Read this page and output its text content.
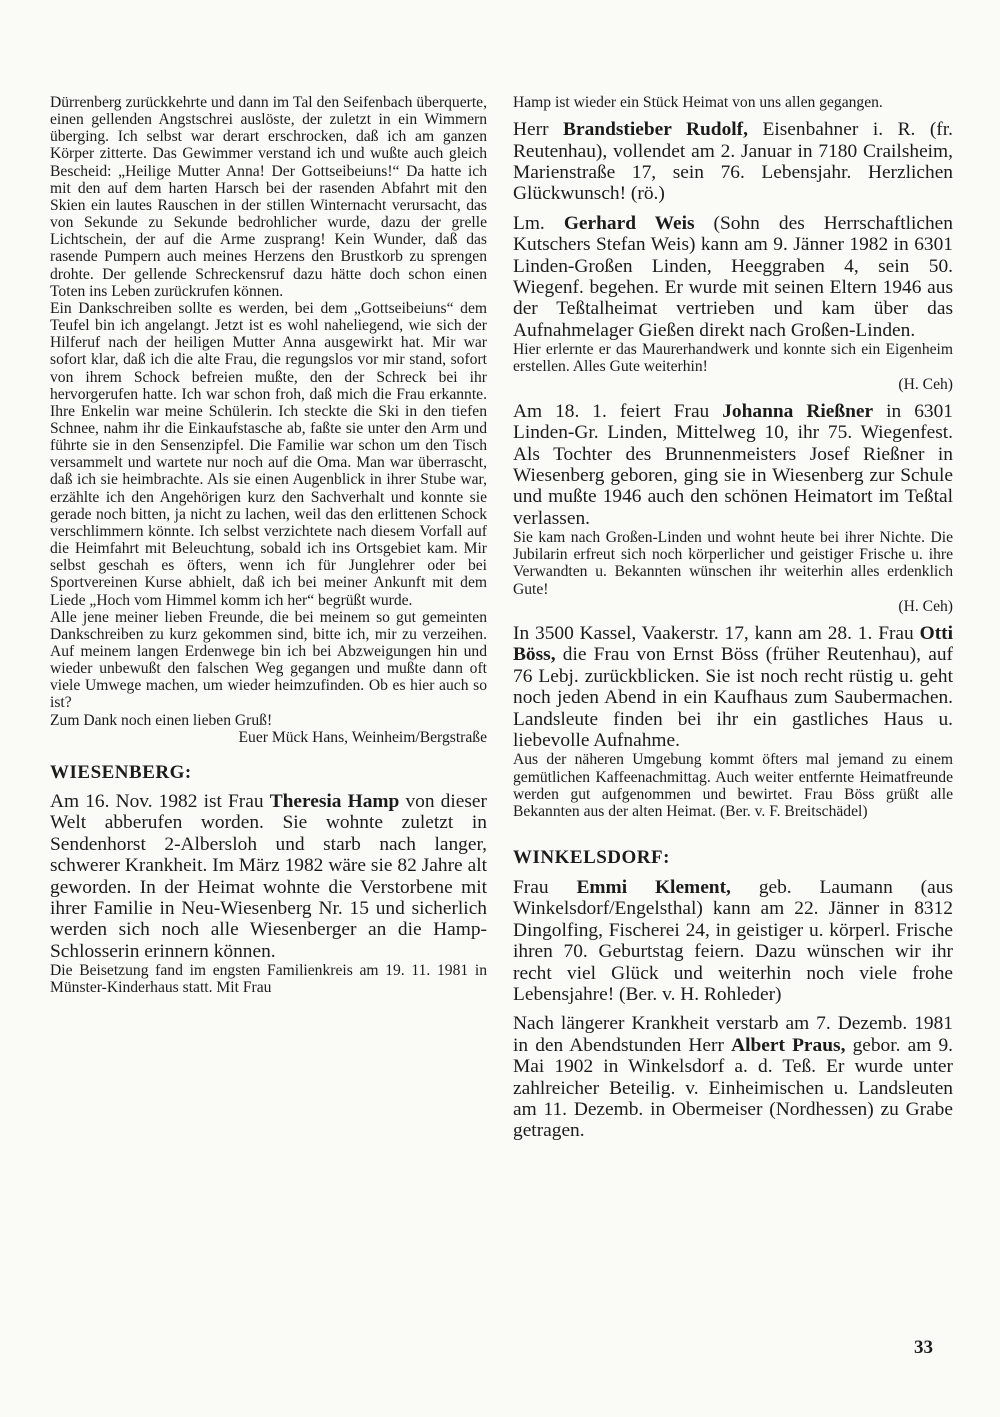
Dürrenberg zurückkehrte und dann im Tal den Seifenbach überquerte, einen gellenden Angstschrei auslöste, der zuletzt in ein Wimmern überging. Ich selbst war derart erschrocken, daß ich am ganzen Körper zitterte. Das Gewimmer verstand ich und wußte auch gleich Bescheid: „Heilige Mutter Anna! Der Gottseibeiuns!“ Da hatte ich mit den auf dem harten Harsch bei der rasenden Abfahrt mit den Skien ein lautes Rauschen in der stillen Winternacht verursacht, das von Sekunde zu Sekunde bedrohlicher wurde, dazu der grelle Lichtschein, der auf die Arme zusprang! Kein Wunder, daß das rasende Pumpern auch meines Herzens den Brustkorb zu sprengen drohte. Der gellende Schreckensruf dazu hätte doch schon einen Toten ins Leben zurückrufen können.

Ein Dankschreiben sollte es werden, bei dem „Gottseibeiuns“ dem Teufel bin ich angelangt. Jetzt ist es wohl naheliegend, wie sich der Hilferuf nach der heiligen Mutter Anna ausgewirkt hat. Mir war sofort klar, daß ich die alte Frau, die regungslos vor mir stand, sofort von ihrem Schock befreien mußte, den der Schreck bei ihr hervorgerufen hatte. Ich war schon froh, daß mich die Frau erkannte. Ihre Enkelin war meine Schülerin. Ich steckte die Ski in den tiefen Schnee, nahm ihr die Einkaufstasche ab, faßte sie unter den Arm und führte sie in den Sensenzipfel. Die Familie war schon um den Tisch versammelt und wartete nur noch auf die Oma. Man war überrascht, daß ich sie heimbrachte. Als sie einen Augenblick in ihrer Stube war, erzählte ich den Angehörigen kurz den Sachverhalt und konnte sie gerade noch bitten, ja nicht zu lachen, weil das den erlittenen Schock verschlimmern könnte. Ich selbst verzichtete nach diesem Vorfall auf die Heimfahrt mit Beleuchtung, sobald ich ins Ortsgebiet kam. Mir selbst geschah es öfters, wenn ich für Junglehrer oder bei Sportvereinen Kurse abhielt, daß ich bei meiner Ankunft mit dem Liede „Hoch vom Himmel komm ich her“ begrüßt wurde.

Alle jene meiner lieben Freunde, die bei meinem so gut gemeinten Dankschreiben zu kurz gekommen sind, bitte ich, mir zu verzeihen. Auf meinem langen Erdenwege bin ich bei Abzweigungen hin und wieder unbewußt den falschen Weg gegangen und mußte dann oft viele Umwege machen, um wieder heimzufinden. Ob es hier auch so ist?

Zum Dank noch einen lieben Gruß!

Euer Mück Hans, Weinheim/Bergstraße

WIESENBERG:

Am 16. Nov. 1982 ist Frau Theresia Hamp von dieser Welt abberufen worden. Sie wohnte zuletzt in Sendenhorst 2-Albersloh und starb nach langer, schwerer Krankheit. Im März 1982 wäre sie 82 Jahre alt geworden. In der Heimat wohnte die Verstorbene mit ihrer Familie in Neu-Wiesenberg Nr. 15 und sicherlich werden sich noch alle Wiesenberger an die Hamp-Schlosserin erinnern können.

Die Beisetzung fand im engsten Familienkreis am 19. 11. 1981 in Münster-Kinderhaus statt. Mit Frau

Hamp ist wieder ein Stück Heimat von uns allen gegangen.

Herr Brandstieber Rudolf, Eisenbahner i. R. (fr. Reutenhau), vollendet am 2. Januar in 7180 Crailsheim, Marienstraße 17, sein 76. Lebensjahr. Herzlichen Glückwunsch! (rö.)

Lm. Gerhard Weis (Sohn des Herrschaftlichen Kutschers Stefan Weis) kann am 9. Jänner 1982 in 6301 Linden-Großen Linden, Heeggraben 4, sein 50. Wiegenf. begehen. Er wurde mit seinen Eltern 1946 aus der Teßtalheimat vertrieben und kam über das Aufnahmelager Gießen direkt nach Großen-Linden.

Hier erlernte er das Maurerhandwerk und konnte sich ein Eigenheim erstellen. Alles Gute weiterhin!

(H. Ceh)

Am 18. 1. feiert Frau Johanna Rießner in 6301 Linden-Gr. Linden, Mittelweg 10, ihr 75. Wiegenfest. Als Tochter des Brunnenmeisters Josef Rießner in Wiesenberg geboren, ging sie in Wiesenberg zur Schule und mußte 1946 auch den schönen Heimatort im Teßtal verlassen.

Sie kam nach Großen-Linden und wohnt heute bei ihrer Nichte. Die Jubilarin erfreut sich noch körperlicher und geistiger Frische u. ihre Verwandten u. Bekannten wünschen ihr weiterhin alles erdenklich Gute!

(H. Ceh)

In 3500 Kassel, Vaakerstr. 17, kann am 28. 1. Frau Otti Böss, die Frau von Ernst Böss (früher Reutenhau), auf 76 Lebj. zurückblicken. Sie ist noch recht rüstig u. geht noch jeden Abend in ein Kaufhaus zum Saubermachen. Landsleute finden bei ihr ein gastliches Haus u. liebevolle Aufnahme.

Aus der näheren Umgebung kommt öfters mal jemand zu einem gemütlichen Kaffeenachmittag. Auch weiter entfernte Heimatfreunde werden gut aufgenommen und bewirtet. Frau Böss grüßt alle Bekannten aus der alten Heimat. (Ber. v. F. Breitschädel)

WINKELSDORF:

Frau Emmi Klement, geb. Laumann (aus Winkelsdorf/Engelsthal) kann am 22. Jänner in 8312 Dingolfing, Fischerei 24, in geistiger u. körperl. Frische ihren 70. Geburtstag feiern. Dazu wünschen wir ihr recht viel Glück und weiterhin noch viele frohe Lebensjahre! (Ber. v. H. Rohleder)

Nach längerer Krankheit verstarb am 7. Dezemb. 1981 in den Abendstunden Herr Albert Praus, gebor. am 9. Mai 1902 in Winkelsdorf a. d. Teß. Er wurde unter zahlreicher Beteilig. v. Einheimischen u. Landsleuten am 11. Dezemb. in Obermeiser (Nordhessen) zu Grabe getragen.

33
